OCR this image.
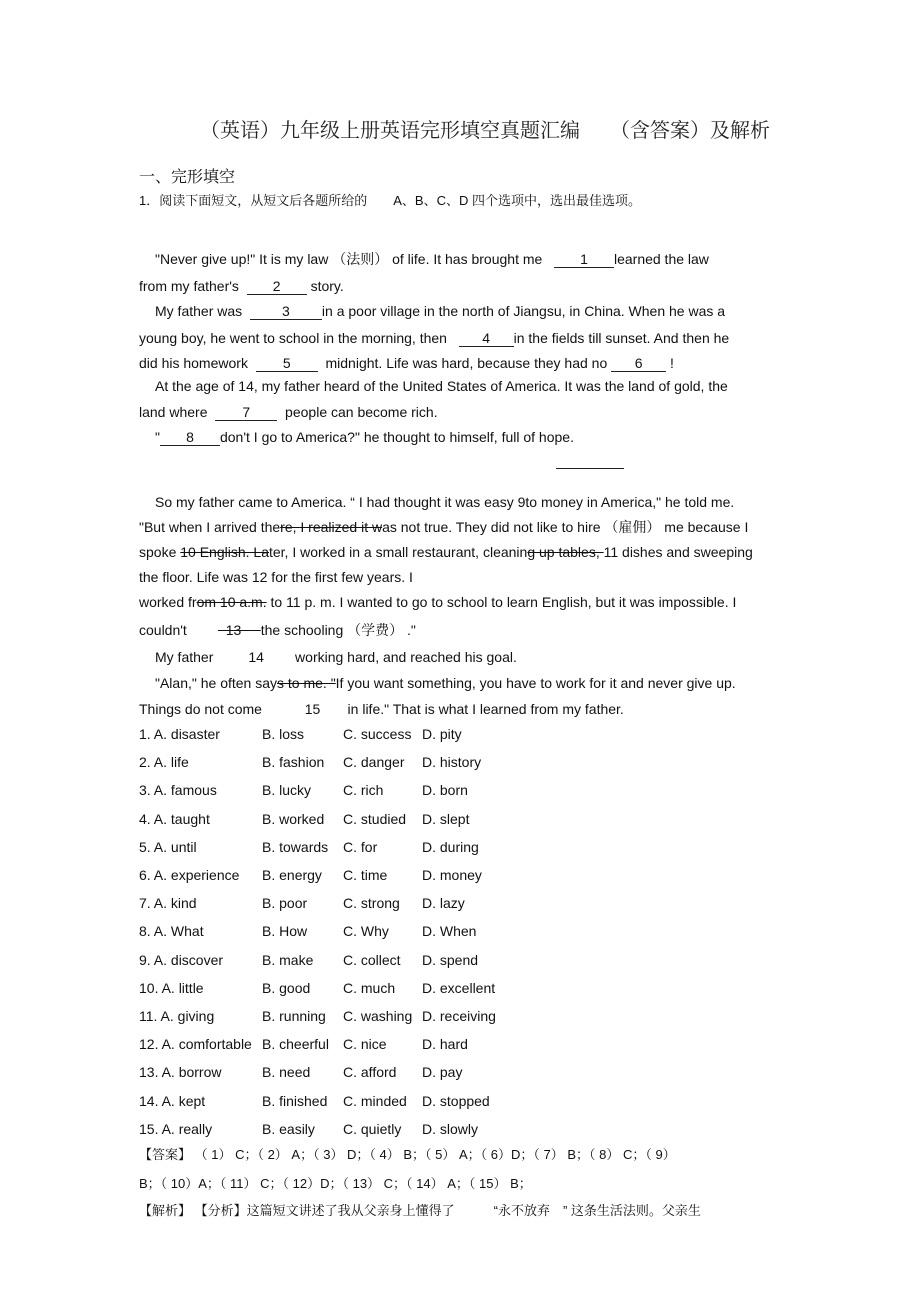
（英语）九年级上册英语完形填空真题汇编 （含答案）及解析
一、完形填空
1．阅读下面短文，从短文后各题所给的　　A、B、C、D 四个选项中，选出最佳选项。
"Never give up!" It is my law （法则） of life. It has brought me   1 learned the law
from my father's  2 story.
My father was  3 in a poor village in the north of Jiangsu, in China. When he was a
young boy, he went to school in the morning, then   4 in the fields till sunset. And then he
did his homework  5  midnight. Life was hard, because they had no 6 !
At the age of 14, my father heard of the United States of America. It was the land of gold, the
land where  7  people can become rich.
" 8 don't I go to America?" he thought to himself, full of hope.
So my father came to America. “ I had thought it was easy 9to money in America," he told me.
"But when I arrived there, I realized it was not true. They did not like to hire （雇佣） me because I
spoke 10 English. Later, I worked in a small restaurant, cleaning up tables, 11 dishes and sweeping
the floor. Life was 12 for the first few years. I
worked from 10 a.m. to 11 p. m. I wanted to go to school to learn English, but it was impossible. I
couldn't          13     the schooling （学费） ."
My father         14        working hard, and reached his goal.
"Alan," he often says to me. "If you want something, you have to work for it and never give up.
Things do not come           15       in life." That is what I learned from my father.
1. A. disaster	B. loss	C. success D. pity
2. A. life	B. fashion C. danger D. history
3. A. famous	B. lucky C. rich	D. born
4. A. taught	B. worked C. studied D. slept
5. A. until	B. towards C. for	D. during
6. A. experience B. energy C. time D. money
7. A. kind	B. poor	C. strong D. lazy
8. A. What	B. How	C. Why D. When
9. A. discover	B. make C. collect D. spend
10. A. little	B. good C. much D. excellent
11. A. giving	B. running C. washing D. receiving
12. A. comfortable B. cheerful C. nice	D. hard
13. A. borrow	B. need C. afford D. pay
14. A. kept	B. finished C. minded D. stopped
15. A. really	B. easily C. quietly D. slowly
【答案】 （ 1） C；（ 2） A；（ 3） D；（ 4） B；（ 5） A；（ 6）D；（ 7） B；（ 8） C；（ 9）
B；（ 10）A；（ 11） C；（ 12）D；（ 13） C；（ 14） A；（ 15） B；
【解析】 【分析】这篇短文讲述了我从父亲身上懂得了　　　“永不放弃　” 这条生活法则。父亲生
